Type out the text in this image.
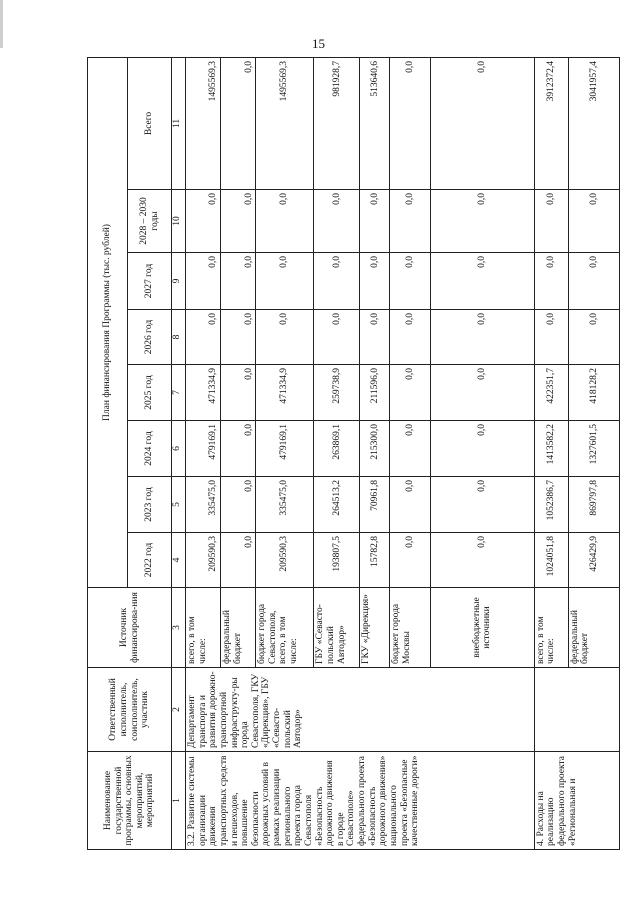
15
Наименование государственной программы, основных мероприятий, мероприятий	Ответственный исполнитель, соисполнитель, участник	Источник финансирова-ния	План финансирования Программы (тыс. рублей)							
			2022 год	2023 год	2024 год	2025 год	2026 год	2027 год	2028 – 2030 годы	Всего
1	2	3	4	5	6	7	8	9	10	11
3.2. Развитие системы организации движения транспортных средств и пешеходов, повышение безопасности дорожных условий в рамках реализации регионального проекта города Севастополя «Безопасность дорожного движения в городе Севастополе» федерального проекта «Безопасность дорожного движения» национального проекта «Безопасные качественные дороги»	Департамент транспорта и развития дорожно-транспортной инфраструкту-ры города Севастополя, ГКУ «Дирекция», ГБУ «Севасто-польский Автодор»	всего, в том числе:	209590,3	335475,0	479169,1	471334,9	0,0	0,0	0,0	1495569,3
		федеральный бюджет	0,0	0,0	0,0	0,0	0,0	0,0	0,0	0,0
		бюджет города Севастополя, всего, в том числе:	209590,3	335475,0	479169,1	471334,9	0,0	0,0	0,0	1495569,3
		ГБУ «Севасто-польский Автодор»	193807,5	264513,2	263869,1	259738,9	0,0	0,0	0,0	981928,7
		ГКУ «Дирекция»	15782,8	70961,8	215300,0	211596,0	0,0	0,0	0,0	513640,6
		бюджет города Москвы	0,0	0,0	0,0	0,0	0,0	0,0	0,0	0,0
		внебюджетные источники	0,0	0,0	0,0	0,0	0,0	0,0	0,0	0,0
4. Расходы на реализацию федерального проекта «Региональная и		всего, в том числе:	1024051,8	1052386,7	1413582,2	422351,7	0,0	0,0	0,0	3912372,4
		федеральный бюджет	426429,9	869797,8	1327601,5	418128,2	0,0	0,0	0,0	3041957,4
